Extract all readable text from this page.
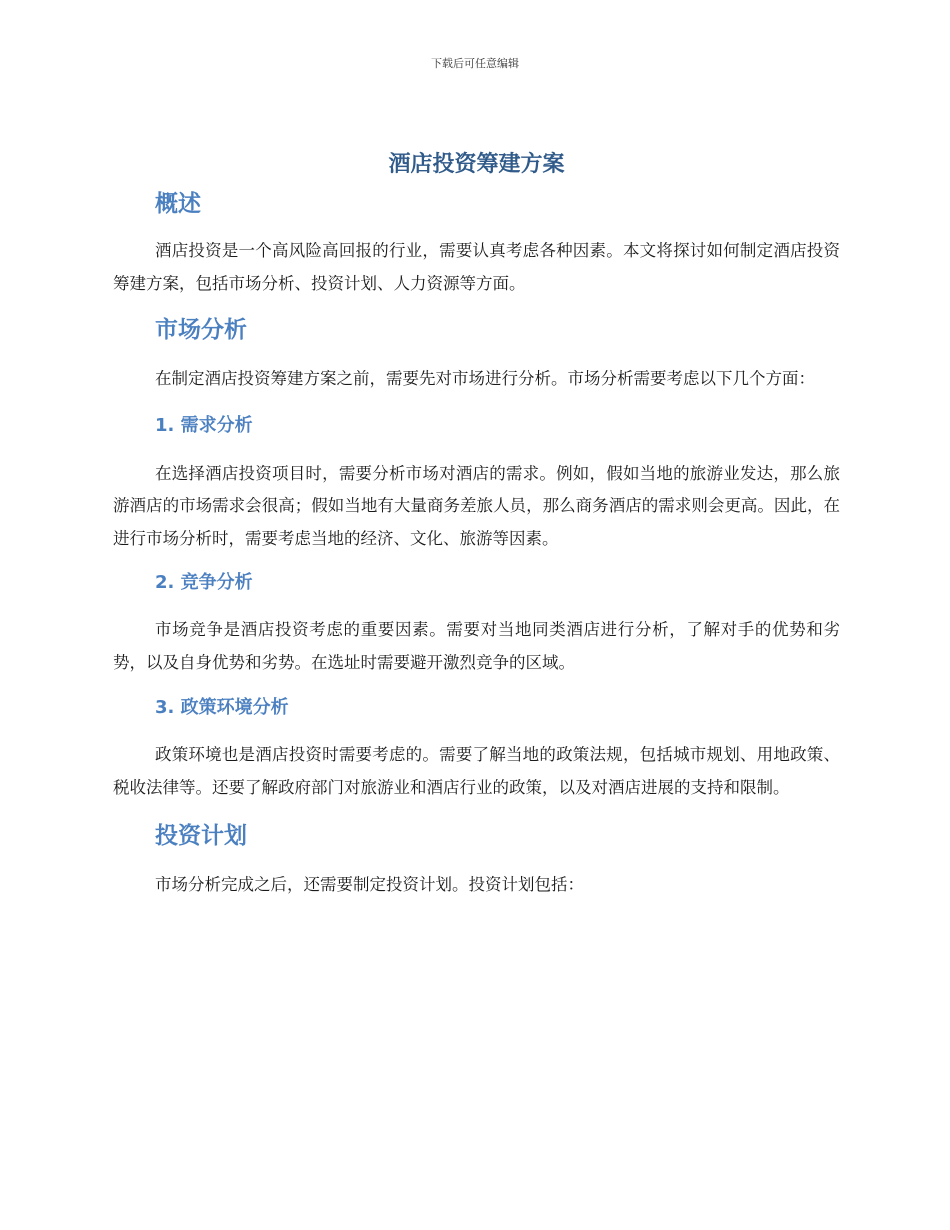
下载后可任意编辑
酒店投资筹建方案
概述

酒店投资是一个高风险高回报的行业，需要认真考虑各种因素。本文将探讨如何制定酒店投资筹建方案，包括市场分析、投资计划、人力资源等方面。

市场分析

在制定酒店投资筹建方案之前，需要先对市场进行分析。市场分析需要考虑以下几个方面：

1. 需求分析

在选择酒店投资项目时，需要分析市场对酒店的需求。例如，假如当地的旅游业发达，那么旅游酒店的市场需求会很高；假如当地有大量商务差旅人员，那么商务酒店的需求则会更高。因此，在进行市场分析时，需要考虑当地的经济、文化、旅游等因素。

2. 竞争分析

市场竞争是酒店投资考虑的重要因素。需要对当地同类酒店进行分析，了解对手的优势和劣势，以及自身优势和劣势。在选址时需要避开激烈竞争的区域。

3. 政策环境分析

政策环境也是酒店投资时需要考虑的。需要了解当地的政策法规，包括城市规划、用地政策、税收法律等。还要了解政府部门对旅游业和酒店行业的政策，以及对酒店进展的支持和限制。

投资计划

市场分析完成之后，还需要制定投资计划。投资计划包括：
